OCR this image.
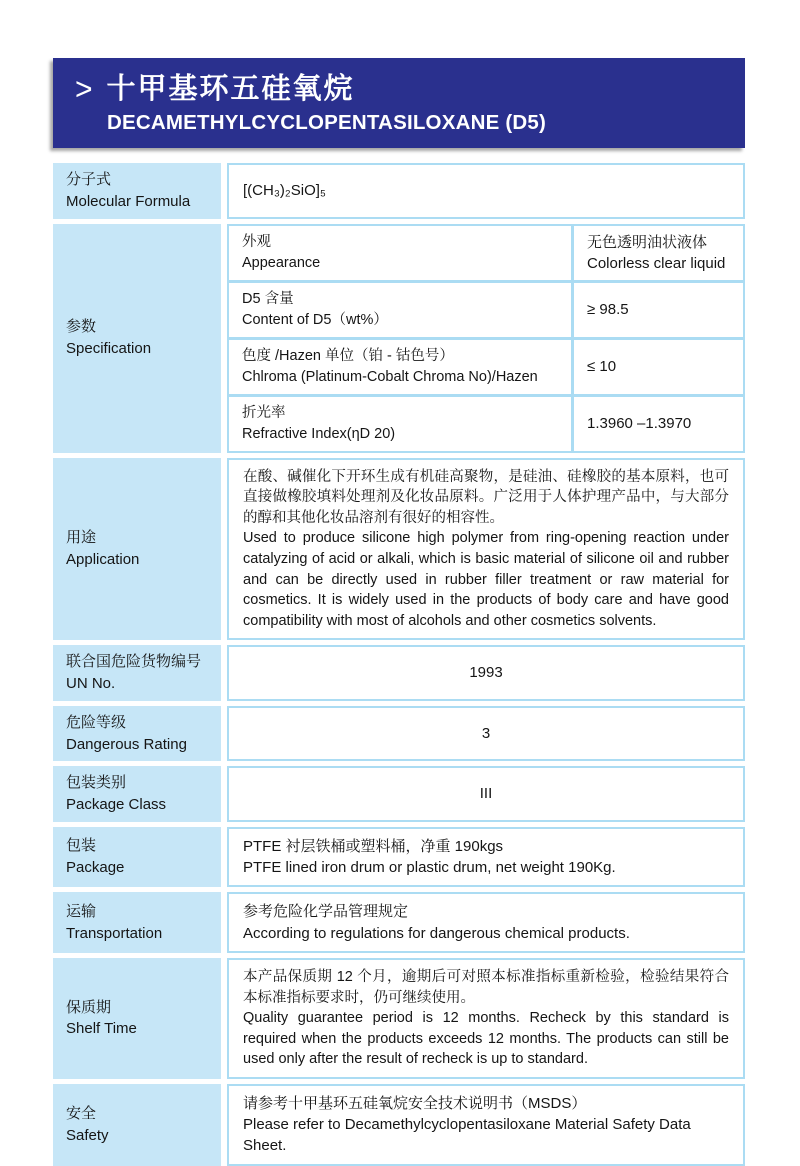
> 十甲基环五硅氧烷
DECAMETHYLCYCLOPENTASILOXANE (D5)
分子式
Molecular Formula
[(CH₃)₂SiO]₅
参数
Specification
外观
Appearance
无色透明油状液体
Colorless clear liquid
D5 含量
Content of D5（wt%）
≥ 98.5
色度 /Hazen 单位（铂 - 钴色号）
Chlroma (Platinum-Cobalt Chroma No)/Hazen
≤ 10
折光率
Refractive Index(ηD 20)
1.3960 –1.3970
用途
Application
在酸、碱催化下开环生成有机硅高聚物，是硅油、硅橡胶的基本原料，也可直接做橡胶填料处理剂及化妆品原料。广泛用于人体护理产品中，与大部分的醇和其他化妆品溶剂有很好的相容性。
Used to produce silicone high polymer from ring-opening reaction under catalyzing of acid or alkali, which is basic material of silicone oil and rubber and can be directly used in rubber filler treatment or raw material for cosmetics. It is widely used in the products of body care and have good compatibility with most of alcohols and other cosmetics solvents.
联合国危险货物编号
UN No.
1993
危险等级
Dangerous Rating
3
包装类别
Package Class
III
包装
Package
PTFE 衬层铁桶或塑料桶，净重 190kgs
PTFE lined iron drum or plastic drum, net weight 190Kg.
运输
Transportation
参考危险化学品管理规定
According to regulations for dangerous chemical products.
保质期
Shelf Time
本产品保质期 12 个月，逾期后可对照本标准指标重新检验，检验结果符合本标准指标要求时，仍可继续使用。
Quality guarantee period is 12 months. Recheck by this standard is required when the products exceeds 12 months. The products can still be used only after the result of recheck is up to standard.
安全
Safety
请参考十甲基环五硅氧烷安全技术说明书（MSDS）
Please refer to Decamethylcyclopentasiloxane Material Safety Data Sheet.
